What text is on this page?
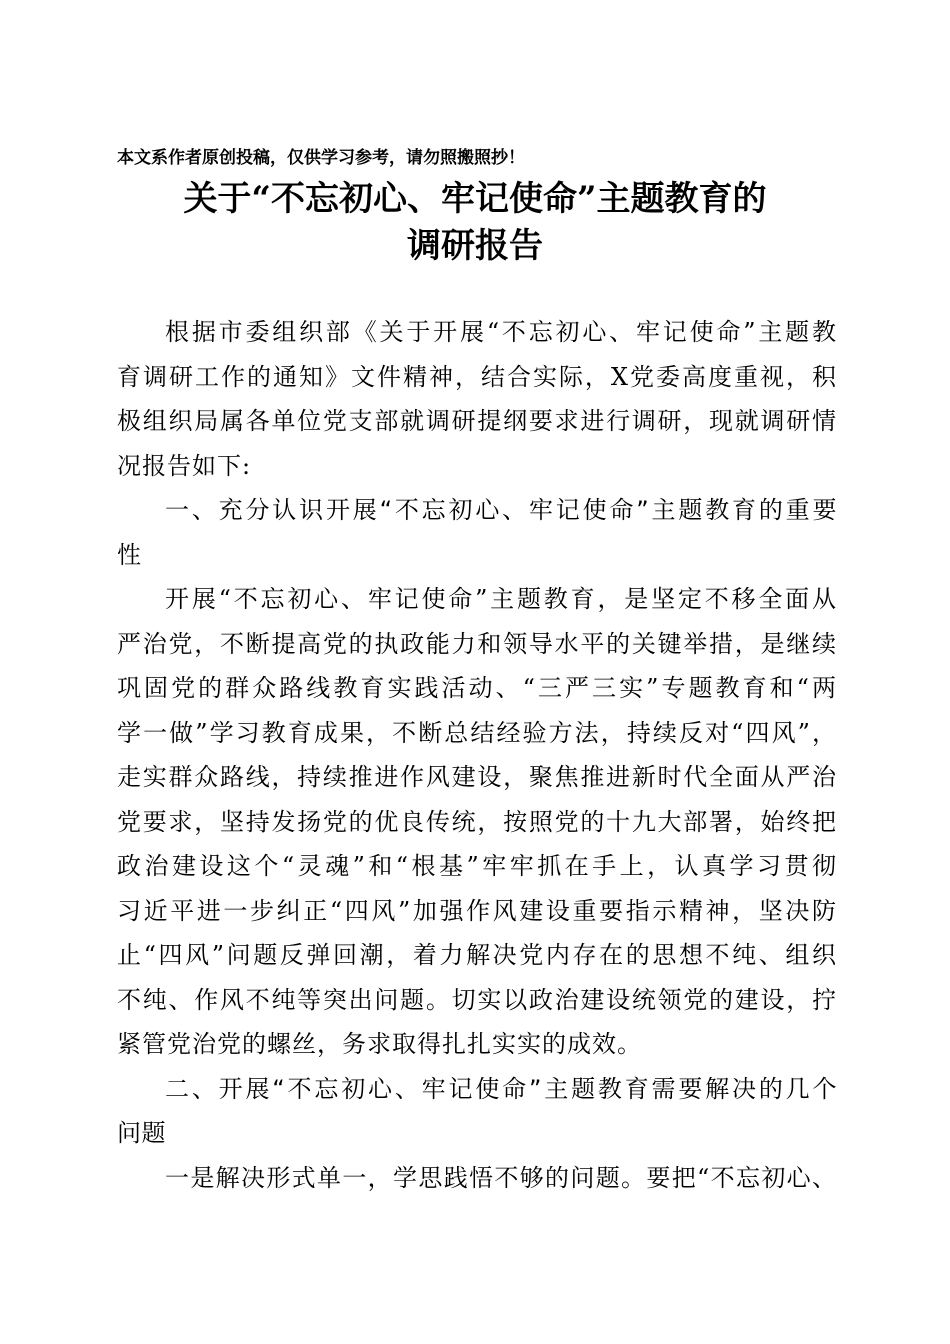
本文系作者原创投稿，仅供学习参考，请勿照搬照抄！
关于“不忘初心、牢记使命”主题教育的
调研报告
根据市委组织部《关于开展“不忘初心、牢记使命”主题教
育调研工作的通知》文件精神，结合实际，X党委高度重视，积
极组织局属各单位党支部就调研提纲要求进行调研，现就调研情
况报告如下:
一、充分认识开展“不忘初心、牢记使命”主题教育的重要
性
开展“不忘初心、牢记使命”主题教育，是坚定不移全面从
严治党，不断提高党的执政能力和领导水平的关键举措，是继续
巩固党的群众路线教育实践活动、“三严三实”专题教育和“两
学一做”学习教育成果，不断总结经验方法，持续反对“四风”，
走实群众路线，持续推进作风建设，聚焦推进新时代全面从严治
党要求，坚持发扬党的优良传统，按照党的十九大部署，始终把
政治建设这个“灵魂”和“根基”牢牢抓在手上，认真学习贯彻
习近平进一步纠正“四风”加强作风建设重要指示精神，坚决防
止“四风”问题反弹回潮，着力解决党内存在的思想不纯、组织
不纯、作风不纯等突出问题。切实以政治建设统领党的建设，拧
紧管党治党的螺丝，务求取得扎扎实实的成效。
二、开展“不忘初心、牢记使命”主题教育需要解决的几个
问题
一是解决形式单一，学思践悟不够的问题。要把“不忘初心、
